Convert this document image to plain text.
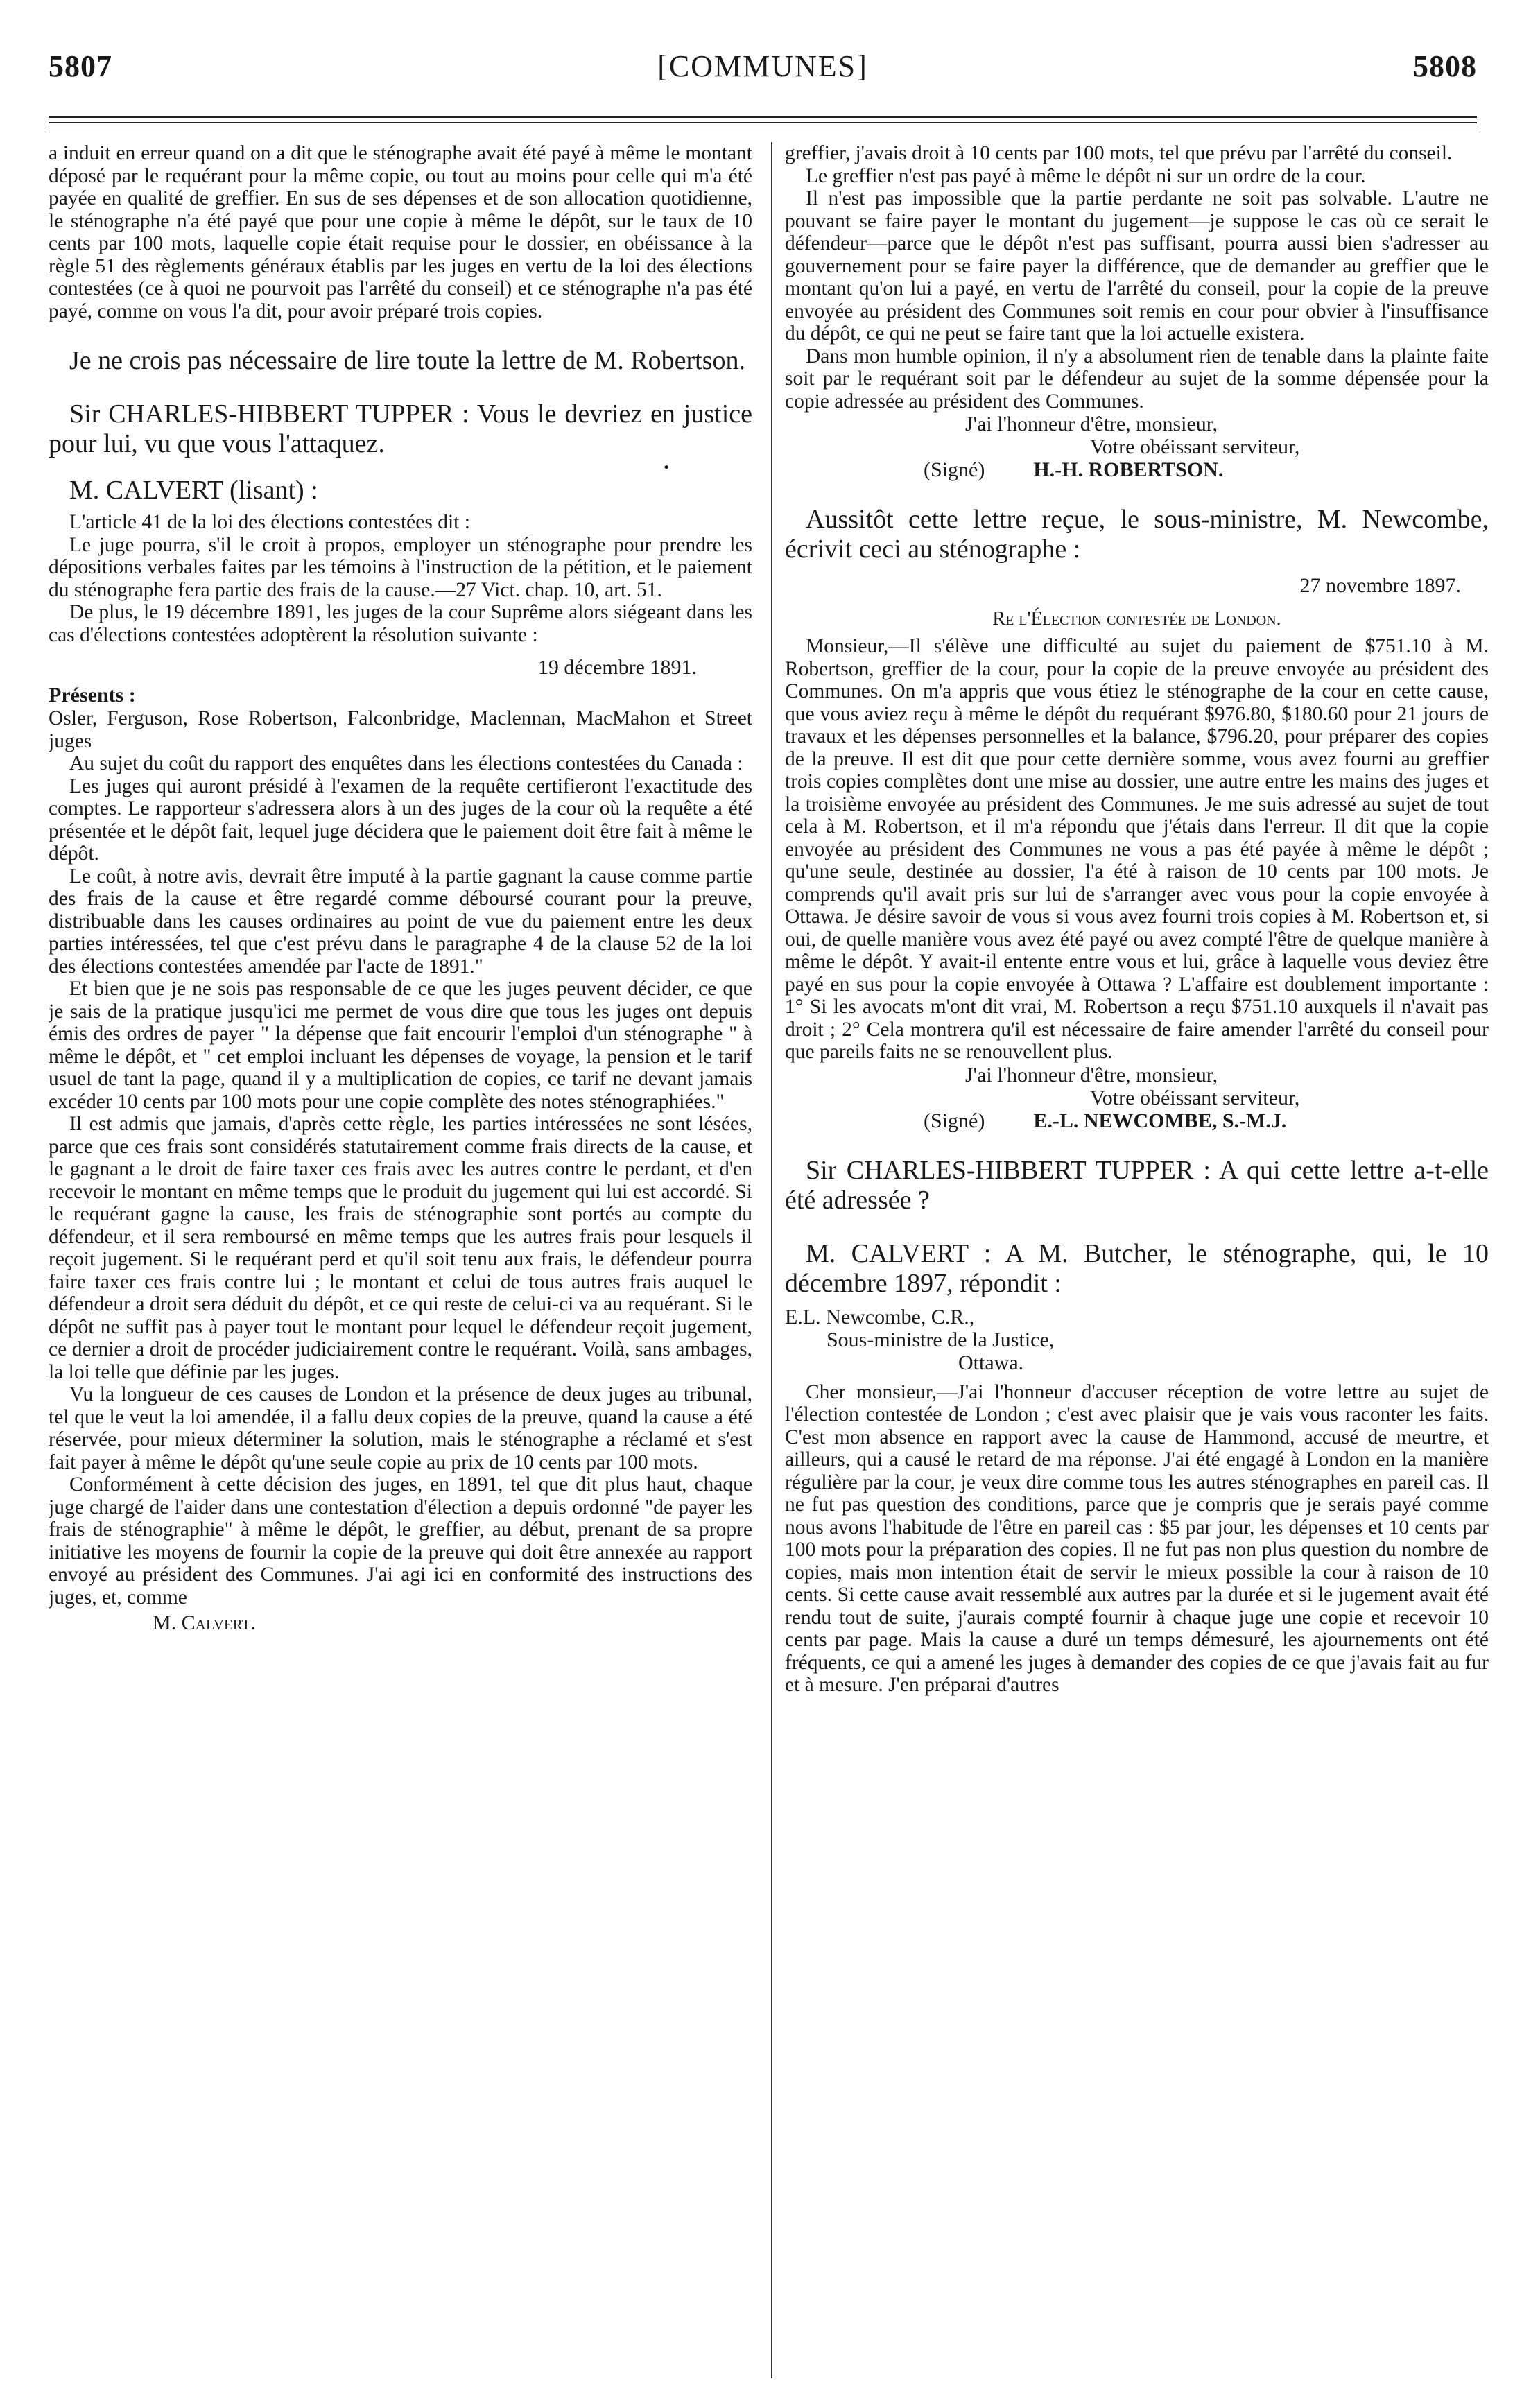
5807	[COMMUNES]	5808

a induit en erreur quand on a dit que le sténographe avait été payé à même le montant déposé par le requérant pour la même copie, ou tout au moins pour celle qui m'a été payée en qualité de greffier. En sus de ses dépenses et de son allocation quotidienne, le sténographe n'a été payé que pour une copie à même le dépôt, sur le taux de 10 cents par 100 mots, laquelle copie était requise pour le dossier, en obéissance à la règle 51 des règlements généraux établis par les juges en vertu de la loi des élections contestées (ce à quoi ne pourvoit pas l'arrêté du conseil) et ce sténographe n'a pas été payé, comme on vous l'a dit, pour avoir préparé trois copies.

Je ne crois pas nécessaire de lire toute la lettre de M. Robertson.

Sir CHARLES-HIBBERT TUPPER : Vous le devriez en justice pour lui, vu que vous l'attaquez.

•

M. CALVERT (lisant) :

L'article 41 de la loi des élections contestées dit :

Le juge pourra, s'il le croit à propos, employer un sténographe pour prendre les dépositions verbales faites par les témoins à l'instruction de la pétition, et le paiement du sténographe fera partie des frais de la cause.—27 Vict. chap. 10, art. 51.

De plus, le 19 décembre 1891, les juges de la cour Suprême alors siégeant dans les cas d'élections contestées adoptèrent la résolution suivante :

19 décembre 1891.

Présents :

Osler, Ferguson, Rose Robertson, Falconbridge, Maclennan, MacMahon et Street juges

Au sujet du coût du rapport des enquêtes dans les élections contestées du Canada :

Les juges qui auront présidé à l'examen de la requête certifieront l'exactitude des comptes. Le rapporteur s'adressera alors à un des juges de la cour où la requête a été présentée et le dépôt fait, lequel juge décidera que le paiement doit être fait à même le dépôt.

Le coût, à notre avis, devrait être imputé à la partie gagnant la cause comme partie des frais de la cause et être regardé comme déboursé courant pour la preuve, distribuable dans les causes ordinaires au point de vue du paiement entre les deux parties intéressées, tel que c'est prévu dans le paragraphe 4 de la clause 52 de la loi des élections contestées amendée par l'acte de 1891."

Et bien que je ne sois pas responsable de ce que les juges peuvent décider, ce que je sais de la pratique jusqu'ici me permet de vous dire que tous les juges ont depuis émis des ordres de payer " la dépense que fait encourir l'emploi d'un sténographe " à même le dépôt, et " cet emploi incluant les dépenses de voyage, la pension et le tarif usuel de tant la page, quand il y a multiplication de copies, ce tarif ne devant jamais excéder 10 cents par 100 mots pour une copie complète des notes sténographiées."

Il est admis que jamais, d'après cette règle, les parties intéressées ne sont lésées, parce que ces frais sont considérés statutairement comme frais directs de la cause, et le gagnant a le droit de faire taxer ces frais avec les autres contre le perdant, et d'en recevoir le montant en même temps que le produit du jugement qui lui est accordé. Si le requérant gagne la cause, les frais de sténographie sont portés au compte du défendeur, et il sera remboursé en même temps que les autres frais pour lesquels il reçoit jugement. Si le requérant perd et qu'il soit tenu aux frais, le défendeur pourra faire taxer ces frais contre lui ; le montant et celui de tous autres frais auquel le défendeur a droit sera déduit du dépôt, et ce qui reste de celui-ci va au requérant. Si le dépôt ne suffit pas à payer tout le montant pour lequel le défendeur reçoit jugement, ce dernier a droit de procéder judiciairement contre le requérant. Voilà, sans ambages, la loi telle que définie par les juges.

Vu la longueur de ces causes de London et la présence de deux juges au tribunal, tel que le veut la loi amendée, il a fallu deux copies de la preuve, quand la cause a été réservée, pour mieux déterminer la solution, mais le sténographe a réclamé et s'est fait payer à même le dépôt qu'une seule copie au prix de 10 cents par 100 mots.

Conformément à cette décision des juges, en 1891, tel que dit plus haut, chaque juge chargé de l'aider dans une contestation d'élection a depuis ordonné "de payer les frais de sténographie" à même le dépôt, le greffier, au début, prenant de sa propre initiative les moyens de fournir la copie de la preuve qui doit être annexée au rapport envoyé au président des Communes. J'ai agi ici en conformité des instructions des juges, et, comme

M. Calvert.

greffier, j'avais droit à 10 cents par 100 mots, tel que prévu par l'arrêté du conseil.

Le greffier n'est pas payé à même le dépôt ni sur un ordre de la cour.

Il n'est pas impossible que la partie perdante ne soit pas solvable. L'autre ne pouvant se faire payer le montant du jugement—je suppose le cas où ce serait le défendeur—parce que le dépôt n'est pas suffisant, pourra aussi bien s'adresser au gouvernement pour se faire payer la différence, que de demander au greffier que le montant qu'on lui a payé, en vertu de l'arrêté du conseil, pour la copie de la preuve envoyée au président des Communes soit remis en cour pour obvier à l'insuffisance du dépôt, ce qui ne peut se faire tant que la loi actuelle existera.

Dans mon humble opinion, il n'y a absolument rien de tenable dans la plainte faite soit par le requérant soit par le défendeur au sujet de la somme dépensée pour la copie adressée au président des Communes.

J'ai l'honneur d'être, monsieur,

Votre obéissant serviteur,

(Signé) H.-H. ROBERTSON.

Aussitôt cette lettre reçue, le sous-ministre, M. Newcombe, écrivit ceci au sténographe :

27 novembre 1897.

Re l'Élection contestée de London.

Monsieur,—Il s'élève une difficulté au sujet du paiement de $751.10 à M. Robertson, greffier de la cour, pour la copie de la preuve envoyée au président des Communes. On m'a appris que vous étiez le sténographe de la cour en cette cause, que vous aviez reçu à même le dépôt du requérant $976.80, $180.60 pour 21 jours de travaux et les dépenses personnelles et la balance, $796.20, pour préparer des copies de la preuve. Il est dit que pour cette dernière somme, vous avez fourni au greffier trois copies complètes dont une mise au dossier, une autre entre les mains des juges et la troisième envoyée au président des Communes. Je me suis adressé au sujet de tout cela à M. Robertson, et il m'a répondu que j'étais dans l'erreur. Il dit que la copie envoyée au président des Communes ne vous a pas été payée à même le dépôt ; qu'une seule, destinée au dossier, l'a été à raison de 10 cents par 100 mots. Je comprends qu'il avait pris sur lui de s'arranger avec vous pour la copie envoyée à Ottawa. Je désire savoir de vous si vous avez fourni trois copies à M. Robertson et, si oui, de quelle manière vous avez été payé ou avez compté l'être de quelque manière à même le dépôt. Y avait-il entente entre vous et lui, grâce à laquelle vous deviez être payé en sus pour la copie envoyée à Ottawa ? L'affaire est doublement importante : 1° Si les avocats m'ont dit vrai, M. Robertson a reçu $751.10 auxquels il n'avait pas droit ; 2° Cela montrera qu'il est nécessaire de faire amender l'arrêté du conseil pour que pareils faits ne se renouvellent plus.

J'ai l'honneur d'être, monsieur,

Votre obéissant serviteur,

(Signé) E.-L. NEWCOMBE, S.-M.J.

Sir CHARLES-HIBBERT TUPPER : A qui cette lettre a-t-elle été adressée ?

M. CALVERT : A M. Butcher, le sténographe, qui, le 10 décembre 1897, répondit :

E.L. Newcombe, C.R.,

Sous-ministre de la Justice,

Ottawa.

Cher monsieur,—J'ai l'honneur d'accuser réception de votre lettre au sujet de l'élection contestée de London ; c'est avec plaisir que je vais vous raconter les faits. C'est mon absence en rapport avec la cause de Hammond, accusé de meurtre, et ailleurs, qui a causé le retard de ma réponse. J'ai été engagé à London en la manière régulière par la cour, je veux dire comme tous les autres sténographes en pareil cas. Il ne fut pas question des conditions, parce que je compris que je serais payé comme nous avons l'habitude de l'être en pareil cas : $5 par jour, les dépenses et 10 cents par 100 mots pour la préparation des copies. Il ne fut pas non plus question du nombre de copies, mais mon intention était de servir le mieux possible la cour à raison de 10 cents. Si cette cause avait ressemblé aux autres par la durée et si le jugement avait été rendu tout de suite, j'aurais compté fournir à chaque juge une copie et recevoir 10 cents par page. Mais la cause a duré un temps démesuré, les ajournements ont été fréquents, ce qui a amené les juges à demander des copies de ce que j'avais fait au fur et à mesure. J'en préparai d'autres
